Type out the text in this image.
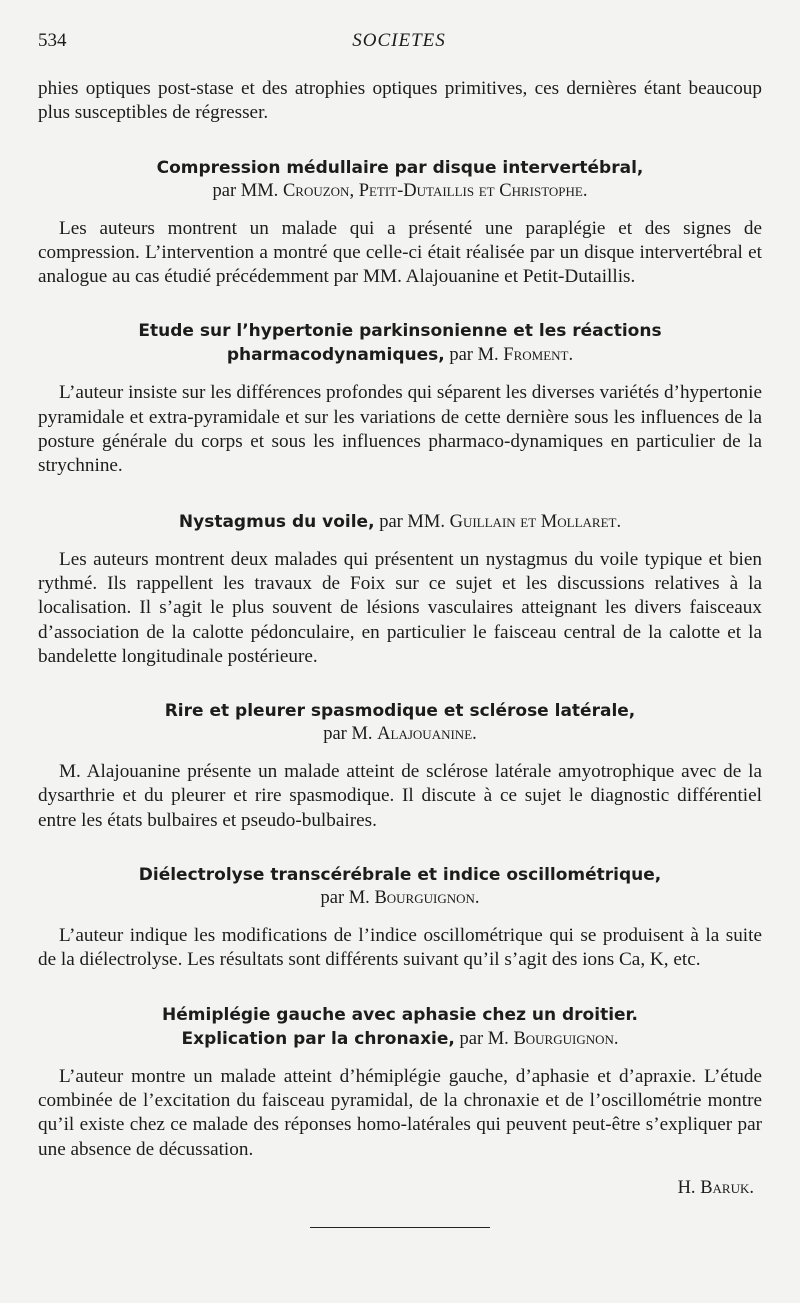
534	SOCIETES

phies optiques post-stase et des atrophies optiques primitives, ces dernières étant beaucoup plus susceptibles de régresser.

Compression médullaire par disque intervertébral,
par MM. Crouzon, Petit-Dutaillis et Christophe.

Les auteurs montrent un malade qui a présenté une paraplégie et des signes de compression. L’intervention a montré que celle-ci était réalisée par un disque intervertébral et analogue au cas étudié précédemment par MM. Alajouanine et Petit-Dutaillis.

Etude sur l’hypertonie parkinsonienne et les réactions
pharmacodynamiques, par M. Froment.

L’auteur insiste sur les différences profondes qui séparent les diverses variétés d’hypertonie pyramidale et extra-pyramidale et sur les variations de cette dernière sous les influences de la posture générale du corps et sous les influences pharmaco-dynamiques en particulier de la strychnine.

Nystagmus du voile, par MM. Guillain et Mollaret.

Les auteurs montrent deux malades qui présentent un nystagmus du voile typique et bien rythmé. Ils rappellent les travaux de Foix sur ce sujet et les discussions relatives à la localisation. Il s’agit le plus souvent de lésions vasculaires atteignant les divers faisceaux d’association de la calotte pédonculaire, en particulier le faisceau central de la calotte et la bandelette longitudinale postérieure.

Rire et pleurer spasmodique et sclérose latérale,
par M. Alajouanine.

M. Alajouanine présente un malade atteint de sclérose latérale amyotrophique avec de la dysarthrie et du pleurer et rire spasmodique. Il discute à ce sujet le diagnostic différentiel entre les états bulbaires et pseudo-bulbaires.

Diélectrolyse transcérébrale et indice oscillométrique,
par M. Bourguignon.

L’auteur indique les modifications de l’indice oscillométrique qui se produisent à la suite de la diélectrolyse. Les résultats sont différents suivant qu’il s’agit des ions Ca, K, etc.

Hémiplégie gauche avec aphasie chez un droitier.
Explication par la chronaxie, par M. Bourguignon.

L’auteur montre un malade atteint d’hémiplégie gauche, d’aphasie et d’apraxie. L’étude combinée de l’excitation du faisceau pyramidal, de la chronaxie et de l’oscillométrie montre qu’il existe chez ce malade des réponses homo-latérales qui peuvent peut-être s’expliquer par une absence de décussation.

H. Baruk.
